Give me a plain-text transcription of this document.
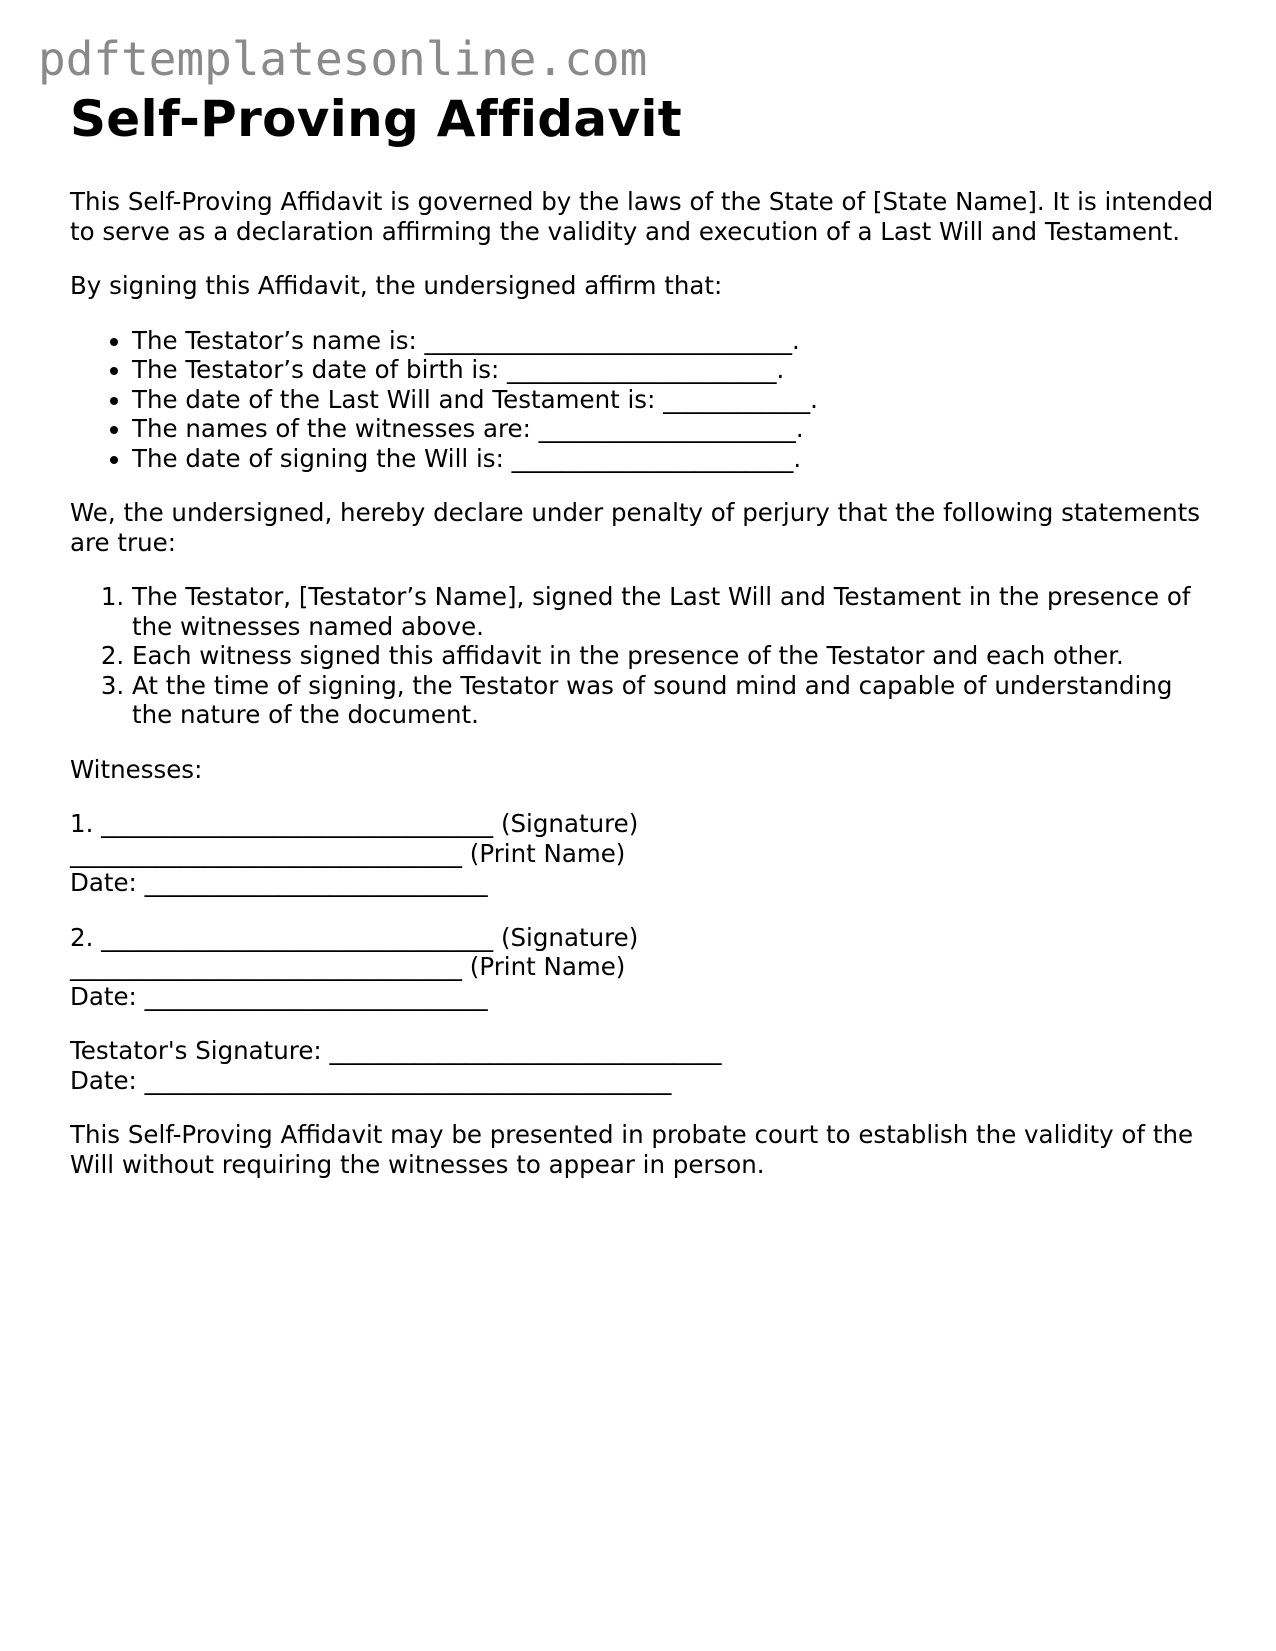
pdftemplatesonline.com
Self-Proving Affidavit

This Self-Proving Affidavit is governed by the laws of the State of [State Name]. It is intended to serve as a declaration affirming the validity and execution of a Last Will and Testament.

By signing this Affidavit, the undersigned affirm that:

• The Testator’s name is: ______________________________.
• The Testator’s date of birth is: ______________________.
• The date of the Last Will and Testament is: ____________.
• The names of the witnesses are: _____________________.
• The date of signing the Will is: _______________________.

We, the undersigned, hereby declare under penalty of perjury that the following statements are true:

1. The Testator, [Testator’s Name], signed the Last Will and Testament in the presence of the witnesses named above.
2. Each witness signed this affidavit in the presence of the Testator and each other.
3. At the time of signing, the Testator was of sound mind and capable of understanding the nature of the document.

Witnesses:

1. ________________________________ (Signature)
________________________________ (Print Name)
Date: ____________________________
2. ________________________________ (Signature)
________________________________ (Print Name)
Date: ____________________________
Testator's Signature: ________________________________
Date: ___________________________________________

This Self-Proving Affidavit may be presented in probate court to establish the validity of the Will without requiring the witnesses to appear in person.
